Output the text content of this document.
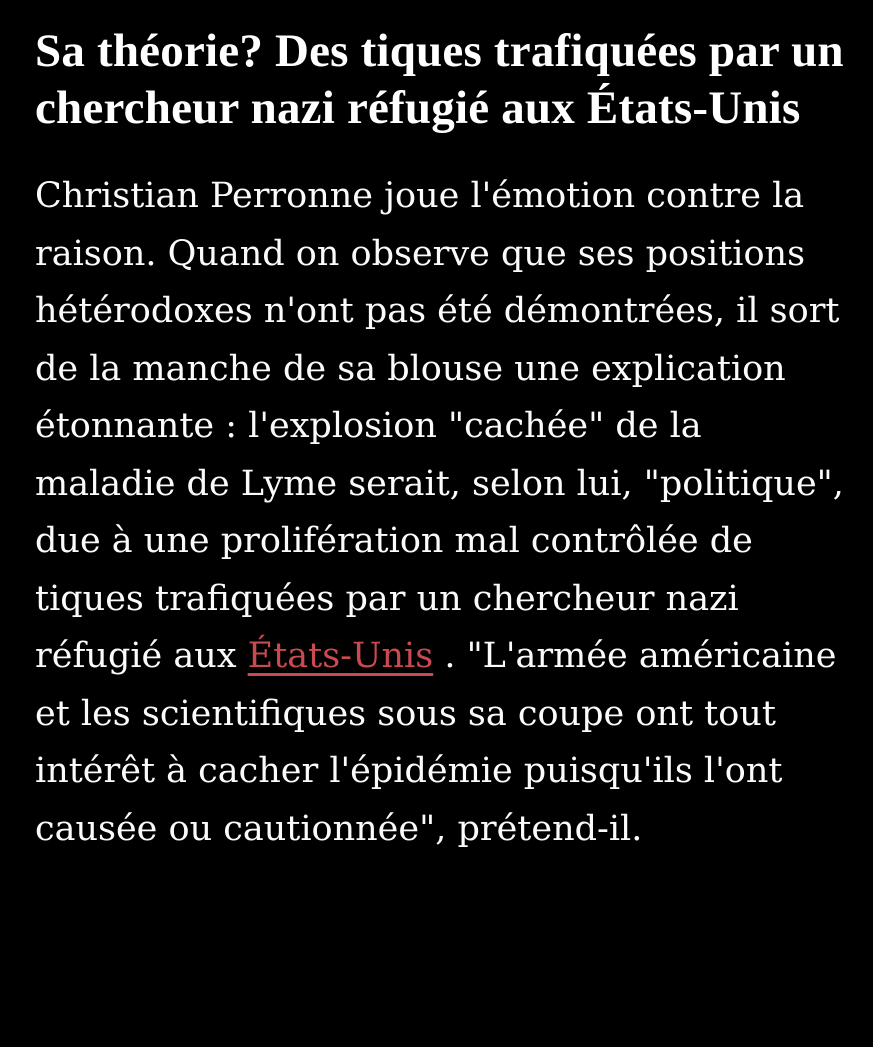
Sa théorie? Des tiques trafiquées par un chercheur nazi réfugié aux États-Unis

Christian Perronne joue l'émotion contre la raison. Quand on observe que ses positions hétérodoxes n'ont pas été démontrées, il sort de la manche de sa blouse une explication étonnante : l'explosion "cachée" de la maladie de Lyme serait, selon lui, "politique", due à une prolifération mal contrôlée de tiques trafiquées par un chercheur nazi réfugié aux États-Unis . "L'armée américaine et les scientifiques sous sa coupe ont tout intérêt à cacher l'épidémie puisqu'ils l'ont causée ou cautionnée", prétend-il.
